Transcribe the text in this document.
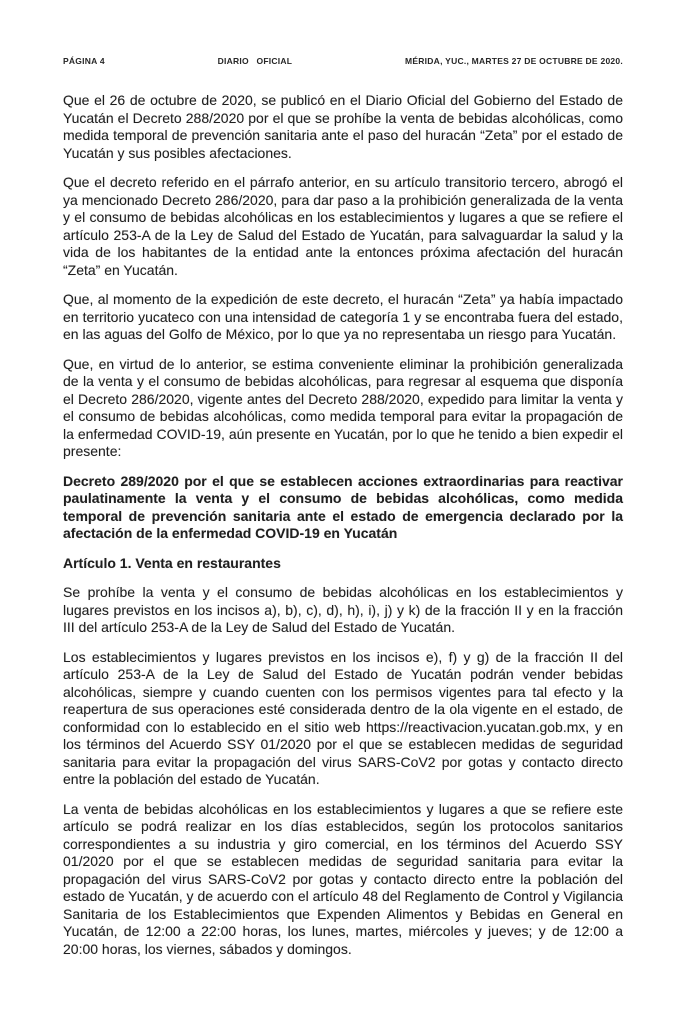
PÁGINA 4	DIARIO OFICIAL	MÉRIDA, YUC., MARTES 27 DE OCTUBRE DE 2020.

Que el 26 de octubre de 2020, se publicó en el Diario Oficial del Gobierno del Estado de Yucatán el Decreto 288/2020 por el que se prohíbe la venta de bebidas alcohólicas, como medida temporal de prevención sanitaria ante el paso del huracán “Zeta” por el estado de Yucatán y sus posibles afectaciones.

Que el decreto referido en el párrafo anterior, en su artículo transitorio tercero, abrogó el ya mencionado Decreto 286/2020, para dar paso a la prohibición generalizada de la venta y el consumo de bebidas alcohólicas en los establecimientos y lugares a que se refiere el artículo 253-A de la Ley de Salud del Estado de Yucatán, para salvaguardar la salud y la vida de los habitantes de la entidad ante la entonces próxima afectación del huracán “Zeta” en Yucatán.

Que, al momento de la expedición de este decreto, el huracán “Zeta” ya había impactado en territorio yucateco con una intensidad de categoría 1 y se encontraba fuera del estado, en las aguas del Golfo de México, por lo que ya no representaba un riesgo para Yucatán.

Que, en virtud de lo anterior, se estima conveniente eliminar la prohibición generalizada de la venta y el consumo de bebidas alcohólicas, para regresar al esquema que disponía el Decreto 286/2020, vigente antes del Decreto 288/2020, expedido para limitar la venta y el consumo de bebidas alcohólicas, como medida temporal para evitar la propagación de la enfermedad COVID-19, aún presente en Yucatán, por lo que he tenido a bien expedir el presente:

Decreto 289/2020 por el que se establecen acciones extraordinarias para reactivar paulatinamente la venta y el consumo de bebidas alcohólicas, como medida temporal de prevención sanitaria ante el estado de emergencia declarado por la afectación de la enfermedad COVID-19 en Yucatán

Artículo 1. Venta en restaurantes

Se prohíbe la venta y el consumo de bebidas alcohólicas en los establecimientos y lugares previstos en los incisos a), b), c), d), h), i), j) y k) de la fracción II y en la fracción III del artículo 253-A de la Ley de Salud del Estado de Yucatán.

Los establecimientos y lugares previstos en los incisos e), f) y g) de la fracción II del artículo 253-A de la Ley de Salud del Estado de Yucatán podrán vender bebidas alcohólicas, siempre y cuando cuenten con los permisos vigentes para tal efecto y la reapertura de sus operaciones esté considerada dentro de la ola vigente en el estado, de conformidad con lo establecido en el sitio web https://reactivacion.yucatan.gob.mx, y en los términos del Acuerdo SSY 01/2020 por el que se establecen medidas de seguridad sanitaria para evitar la propagación del virus SARS-CoV2 por gotas y contacto directo entre la población del estado de Yucatán.

La venta de bebidas alcohólicas en los establecimientos y lugares a que se refiere este artículo se podrá realizar en los días establecidos, según los protocolos sanitarios correspondientes a su industria y giro comercial, en los términos del Acuerdo SSY 01/2020 por el que se establecen medidas de seguridad sanitaria para evitar la propagación del virus SARS-CoV2 por gotas y contacto directo entre la población del estado de Yucatán, y de acuerdo con el artículo 48 del Reglamento de Control y Vigilancia Sanitaria de los Establecimientos que Expenden Alimentos y Bebidas en General en Yucatán, de 12:00 a 22:00 horas, los lunes, martes, miércoles y jueves; y de 12:00 a 20:00 horas, los viernes, sábados y domingos.
